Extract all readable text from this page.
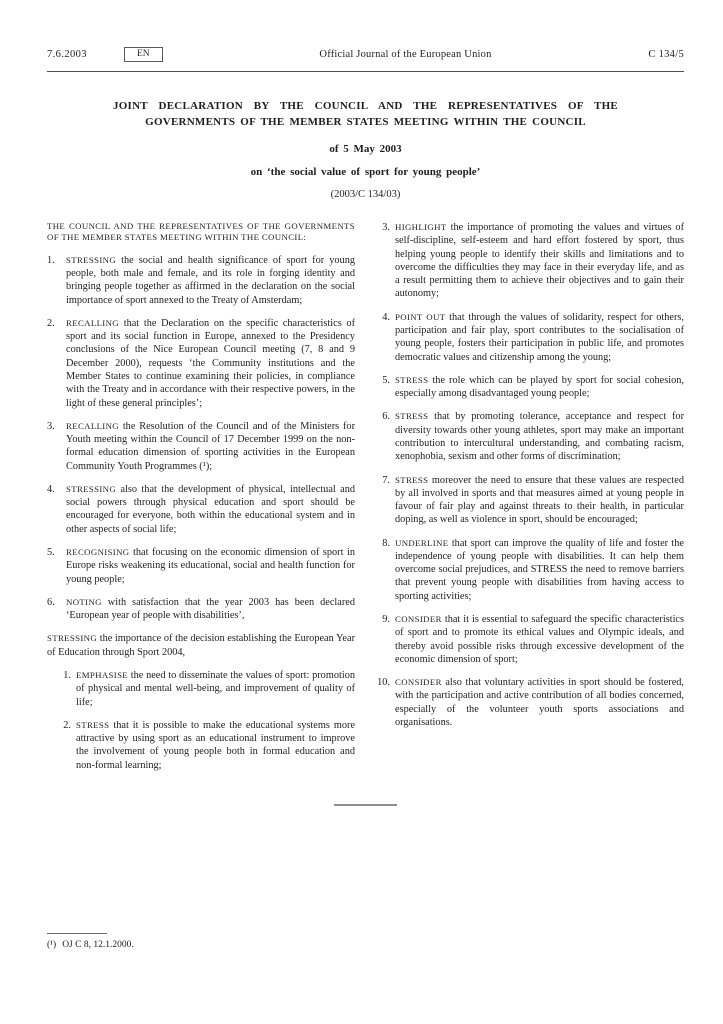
7.6.2003	EN	Official Journal of the European Union	C 134/5
JOINT DECLARATION BY THE COUNCIL AND THE REPRESENTATIVES OF THE GOVERNMENTS OF THE MEMBER STATES MEETING WITHIN THE COUNCIL
of 5 May 2003
on ‘the social value of sport for young people’
(2003/C 134/03)

THE COUNCIL AND THE REPRESENTATIVES OF THE GOVERNMENTS OF THE MEMBER STATES MEETING WITHIN THE COUNCIL:

1.	STRESSING the social and health significance of sport for young people, both male and female, and its role in forging identity and bringing people together as affirmed in the declaration on the social importance of sport annexed to the Treaty of Amsterdam;
2.	RECALLING that the Declaration on the specific characteristics of sport and its social function in Europe, annexed to the Presidency conclusions of the Nice European Council meeting (7, 8 and 9 December 2000), requests ‘the Community institutions and the Member States to continue examining their policies, in compliance with the Treaty and in accordance with their respective powers, in the light of these general principles’;
3.	RECALLING the Resolution of the Council and of the Ministers for Youth meeting within the Council of 17 December 1999 on the non-formal education dimension of sporting activities in the European Community Youth Programmes (¹);
4.	STRESSING also that the development of physical, intellectual and social powers through physical education and sport should be encouraged for everyone, both within the educational system and in other aspects of social life;
5.	RECOGNISING that focusing on the economic dimension of sport in Europe risks weakening its educational, social and health function for young people;
6.	NOTING with satisfaction that the year 2003 has been declared ‘European year of people with disabilities’,

STRESSING the importance of the decision establishing the European Year of Education through Sport 2004,

1. EMPHASISE the need to disseminate the values of sport: promotion of physical and mental well-being, and improvement of quality of life;
2. STRESS that it is possible to make the educational systems more attractive by using sport as an educational instrument to improve the involvement of young people both in formal education and non-formal learning;
3. HIGHLIGHT the importance of promoting the values and virtues of self-discipline, self-esteem and hard effort fostered by sport, thus helping young people to identify their skills and limitations and to overcome the difficulties they may face in their everyday life, and as a result permitting them to achieve their objectives and to gain their autonomy;
4. POINT OUT that through the values of solidarity, respect for others, participation and fair play, sport contributes to the socialisation of young people, fosters their participation in public life, and promotes democratic values and citizenship among the young;
5. STRESS the role which can be played by sport for social cohesion, especially among disadvantaged young people;
6. STRESS that by promoting tolerance, acceptance and respect for diversity towards other young athletes, sport may make an important contribution to intercultural understanding, and combating racism, xenophobia, sexism and other forms of discrimination;
7. STRESS moreover the need to ensure that these values are respected by all involved in sports and that measures aimed at young people in favour of fair play and against threats to their health, in particular doping, as well as violence in sport, should be encouraged;
8. UNDERLINE that sport can improve the quality of life and foster the independence of young people with disabilities. It can help them overcome social prejudices, and STRESS the need to remove barriers that prevent young people with disabilities from having access to sporting activities;
9. CONSIDER that it is essential to safeguard the specific characteristics of sport and to promote its ethical values and Olympic ideals, and thereby avoid possible risks through excessive development of the economic dimension of sport;
10. CONSIDER also that voluntary activities in sport should be fostered, with the participation and active contribution of all bodies concerned, especially of the volunteer youth sports associations and organisations.
(¹) OJ C 8, 12.1.2000.
